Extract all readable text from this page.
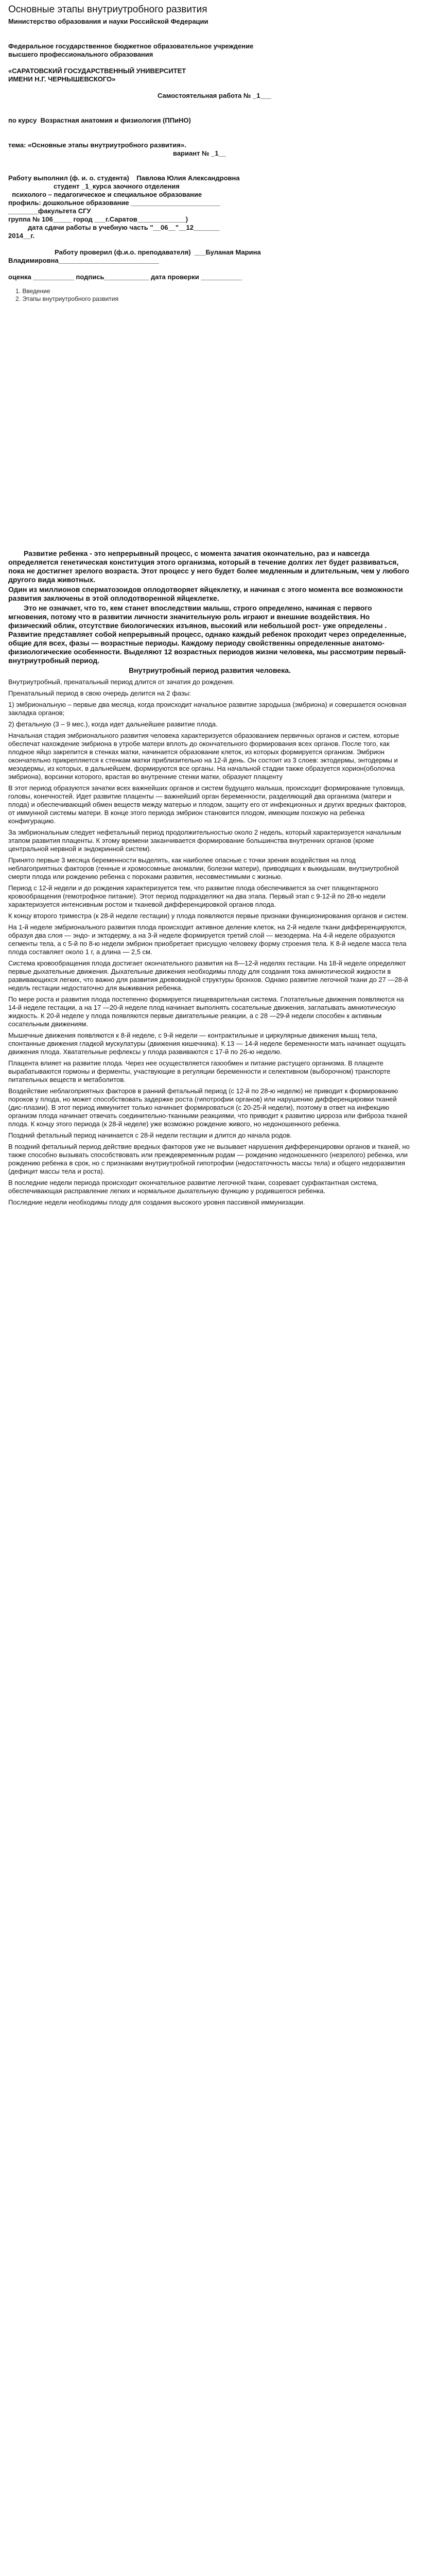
Основные этапы внутриутробного развития

Министерство образования и науки Российской Федерации

Федеральное государственное бюджетное образовательное учреждение

высшего профессионального образования

«САРАТОВСКИЙ ГОСУДАРСТВЕННЫЙ УНИВЕРСИТЕТ

ИМЕНИ Н.Г. ЧЕРНЫШЕВСКОГО»

Самостоятельная работа № _1___

по курсу  Возрастная анатомия и физиология (ППиНО)

тема: «Основные этапы внутриутробного развития».

вариант № _1__

Работу выполнил (ф. и. о. студента)    Павлова Юлия Александровна

студент _1_курса заочного отделения

психолого – педагогическое и специальное образование

профиль: дошкольное образование ________________________

________факультета СГУ

группа № 106_____ город ___г.Саратов_____________)

дата сдачи работы в учебную часть "__06__"__12_______

2014__г.

Работу проверил (ф.и.о. преподавателя)  ___Буланая Марина   Владимировна___________________________

оценка ___________ подпись____________ дата проверки ___________

1. Введение
2. Этапы внутриутробного развития

Развитие ребенка - это непрерывный процесс, с момента зачатия окончательно, раз и навсегда определяется генетическая конституция этого организма, который в течение долгих лет будет развиваться, пока не достигнет зрелого возраста. Этот процесс у него будет более медленным и длительным, чем у любого другого вида животных.

Один из миллионов сперматозоидов оплодотворяет яйцеклетку, и начиная с этого момента все возможности развития заключены в этой оплодотворенной яйцеклетке.

Это не означает, что то, кем станет впоследствии малыш, строго определено, начиная с первого мгновения, потому что в развитии личности значительную роль играют и внешние воздействия. Но физический облик, отсутствие биологических изъянов, высокий или небольшой рост- уже определены . Развитие представляет собой непрерывный процесс, однако каждый ребенок проходит через определенные, общие для всех, фазы — возрастные периоды. Каждому периоду свойственны определенные анатомо-физиологические особенности. Выделяют 12 возрастных периодов жизни человека, мы рассмотрим первый- внутриутробный период.

Внутриутробный период развития человека.

Внутриутробный, пренатальный период длится от зачатия до рождения.

Пренатальный период в свою очередь делится на 2 фазы:

1) эмбриональную – первые два месяца, когда происходит начальное развитие зародыша (эмбриона) и совершается основная закладка органов;

2) фетальную (3 – 9 мес.), когда идет дальнейшее развитие плода.

Начальная стадия эмбрионального развития человека характеризуется образованием первичных органов и систем, которые обеспечат нахождение эмбриона в утробе матери вплоть до окончательного формирования всех органов. После того, как плодное яйцо закрепится в стенках матки, начинается образование клеток, из которых формируется организм. Эмбрион окончательно прикрепляется к стенкам матки приблизительно на 12-й день. Он состоит из 3 слоев: эктодермы, энтодермы и мезодермы, из которых, в дальнейшем, формируются все органы. На начальной стадии также образуется хорион(оболочка эмбриона), ворсинки которого, врастая во внутренние стенки матки, образуют плаценту

В этот период образуются зачатки всех важнейших органов и систем будущего малыша, происходит формирование туловища, головы, конечностей. Идет развитие плаценты — важнейший орган беременности, разделяющий два организма (матери и плода) и обеспечивающий обмен веществ между матерью и плодом, защиту его от инфекционных и других вредных факторов, от иммунной системы матери. В конце этого периода эмбрион становится плодом, имеющим похожую на ребенка конфигурацию.

За эмбриональным следует нефетальный период продолжительностью около 2 недель, который характеризуется начальным этапом развития плаценты. К этому времени заканчивается формирование большинства внутренних органов (кроме центральной нервной и эндокринной систем).

Принято первые 3 месяца беременности выделять, как наиболее опасные с точки зрения воздействия на плод неблагоприятных факторов (генные и хромосомные аномалии, болезни матери), приводящих к выкидышам, внутриутробной смерти плода или рождению ребенка с пороками развития, несовместимыми с жизнью.

Период с 12-й недели и до рождения характеризуется тем, что развитие плода обеспечивается за счет плацентарного кровообращения (гемотрофное питание). Этот период подразделяют на два этапа. Первый этап с 9-12-й по 28-ю недели характеризуется интенсивным ростом и тканевой дифференцировкой органов плода.

К концу второго триместра (к 28-й неделе гестации) у плода появляются первые признаки функционирования органов и систем.

На 1-й неделе эмбрионального развития плода происходит активное деление клеток, на 2-й неделе ткани дифференцируются, образуя два слоя — эндо- и эктодерму, а на 3-й неделе формируется третий слой — мезодерма. На 4-й неделе образуются сегменты тела, а с 5-й по 8-ю недели эмбрион приобретает присущую человеку форму строения тела. К 8-й неделе масса тела плода составляет около 1 г, а длина — 2,5 см.

Система кровообращения плода достигает окончательного развития на 8—12-й неделях гестации. На 18-й неделе определяют первые дыхательные движения. Дыхательные движения необходимы плоду для создания тока амниотической жидкости в развивающихся легких, что важно для развития древовидной структуры бронхов. Однако развитие легочной ткани до 27 —28-й недель гестации недостаточно для выживания ребенка.

По мере роста и развития плода постепенно формируется пищеварительная система. Глотательные движения появляются на 14-й неделе гестации, а на 17 —20-й неделе плод начинает выполнять сосательные движения, заглатывать амниотическую жидкость. К 20-й неделе у плода появляются первые двигательные реакции, а с 28 —29-й недели способен к активным сосательным движениям.

Мышечные движения появляются к 8-й неделе, с 9-й недели — контрактильные и циркулярные движения мышц тела, спонтанные движения гладкой мускулатуры (движения кишечника). К 13 — 14-й неделе беременности мать начинает ощущать движения плода. Хватательные рефлексы у плода развиваются с 17-й по 26-ю неделю.

Плацента влияет на развитие плода. Через нее осуществляется газообмен и питание растущего организма. В плаценте вырабатываются гормоны и ферменты, участвующие в регуляции беременности и селективном (выборочном) транспорте питательных веществ и метаболитов.

Воздействие неблагоприятных факторов в ранний фетальный период (с 12-й по 28-ю неделю) не приводит к формированию пороков у плода, но может способствовать задержке роста (гипотрофии органов) или нарушению дифференцировки тканей (дис-плазии). В этот период иммунитет только начинает формироваться (с 20-25-й недели), поэтому в ответ на инфекцию организм плода начинает отвечать соединительно-тканными реакциями, что приводит к развитию цирроза или фиброза тканей плода. К концу этого периода (к 28-й неделе) уже возможно рождение живого, но недоношенного ребенка.

Поздний фетальный период начинается с 28-й недели гестации и длится до начала родов.

В поздний фетальный период действие вредных факторов уже не вызывает нарушения дифференцировки органов и тканей, но также способно вызывать способствовать или преждевременным родам — рождению недоношенного (незрелого) ребенка, или рождению ребенка в срок, но с признаками внутриутробной гипотрофии (недостаточность массы тела) и общего недоразвития (дефицит массы тела и роста).

В последние недели периода происходит окончательное развитие легочной ткани, созревает сурфактантная система, обеспечивающая расправление легких и нормальное дыхательную функцию у родившегося ребенка.

Последние недели необходимы плоду для создания высокого уровня пассивной иммунизации.
